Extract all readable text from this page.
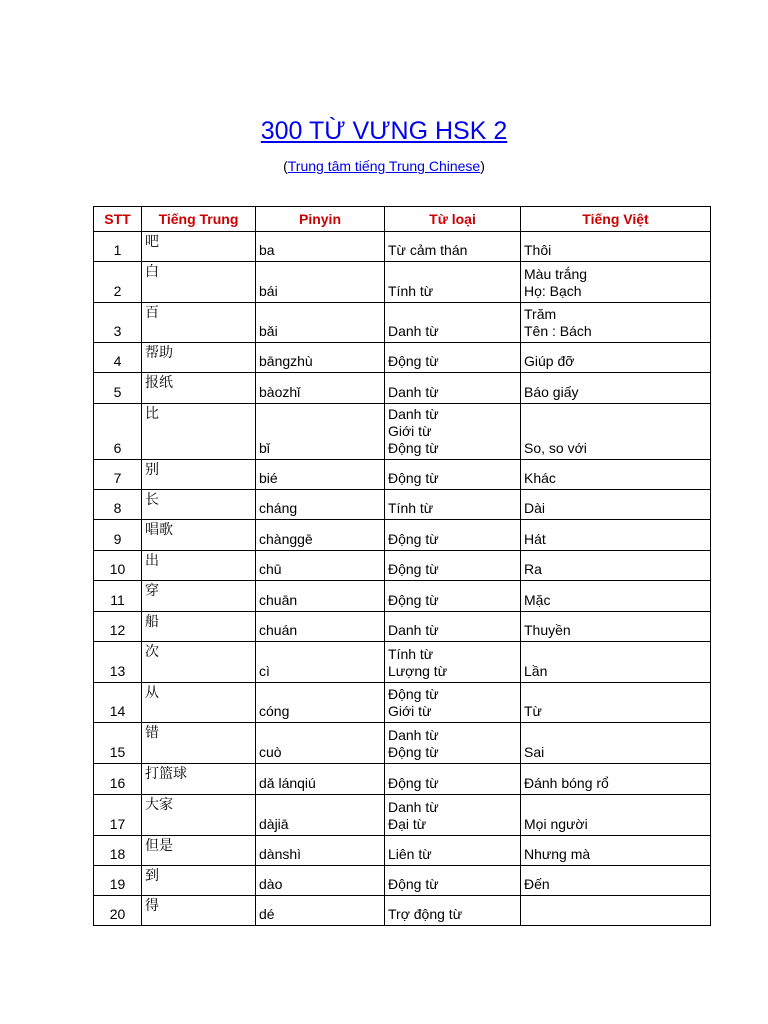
300 TỪ VƯNG HSK 2
(Trung tâm tiếng Trung Chinese)
STT	Tiếng Trung	Pinyin	Từ loại	Tiếng Việt
1	吧	ba	Từ cảm thán	Thôi
2	白	bái	Tính từ	Màu trắng
Họ: Bạch
3	百	bǎi	Danh từ	Trăm
Tên : Bách
4	帮助	bāngzhù	Động từ	Giúp đỡ
5	报纸	bàozhǐ	Danh từ	Báo giấy
6	比	bǐ	Danh từ
Giới từ
Động từ	So, so với
7	别	bié	Động từ	Khác
8	长	cháng	Tính từ	Dài
9	唱歌	chànggē	Động từ	Hát
10	出	chū	Động từ	Ra
11	穿	chuān	Động từ	Mặc
12	船	chuán	Danh từ	Thuyền
13	次	cì	Tính từ
Lượng từ	Lần
14	从	cóng	Động từ
Giới từ	Từ
15	错	cuò	Danh từ
Động từ	Sai
16	打篮球	dǎ lánqiú	Động từ	Đánh bóng rổ
17	大家	dàjiā	Danh từ
Đại từ	Mọi người
18	但是	dànshì	Liên từ	Nhưng mà
19	到	dào	Động từ	Đến
20	得	dé	Trợ động từ	
